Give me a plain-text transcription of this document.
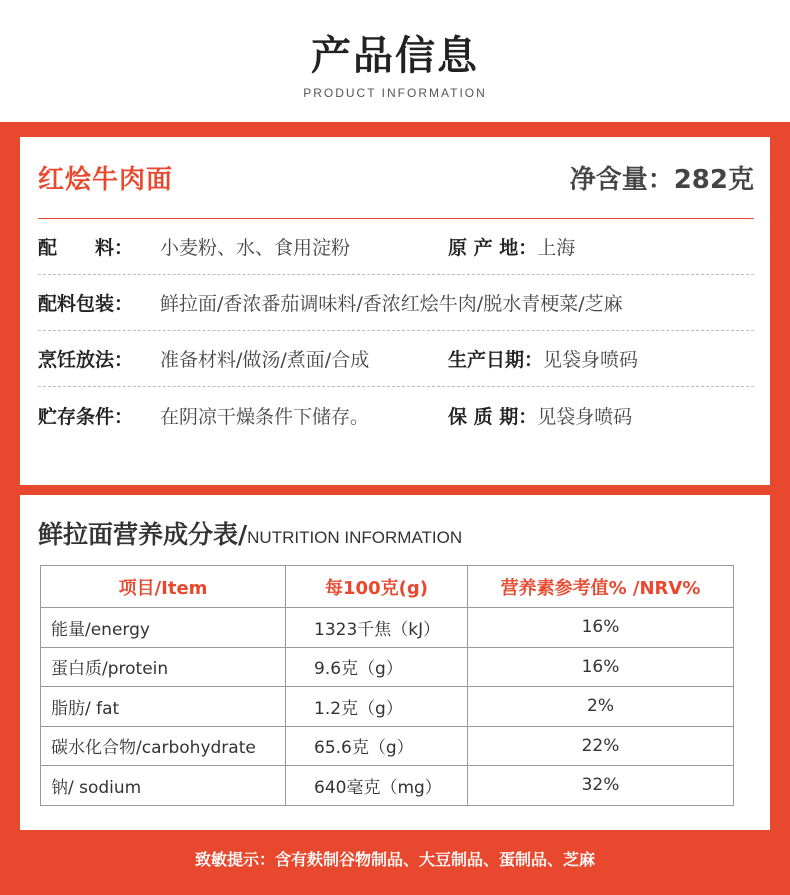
产品信息
PRODUCT INFORMATION
红烩牛肉面	净含量：282克
配　　料：	小麦粉、水、食用淀粉	原 产 地： 上海
配料包装：	鲜拉面/香浓番茄调味料/香浓红烩牛肉/脱水青梗菜/芝麻
烹饪放法：	准备材料/做汤/煮面/合成	生产日期： 见袋身喷码
贮存条件：	在阴凉干燥条件下储存。	保 质 期： 见袋身喷码
鲜拉面营养成分表/ NUTRITION INFORMATION
项目/Item	每100克(g)	营养素参考值% /NRV%
能量/energy	1323千焦（kJ）	16%
蛋白质/protein	9.6克（g）	16%
脂肪/ fat	1.2克（g）	2%
碳水化合物/carbohydrate	65.6克（g）	22%
钠/ sodium	640毫克（mg）	32%
致敏提示：含有麸制谷物制品、大豆制品、蛋制品、芝麻
